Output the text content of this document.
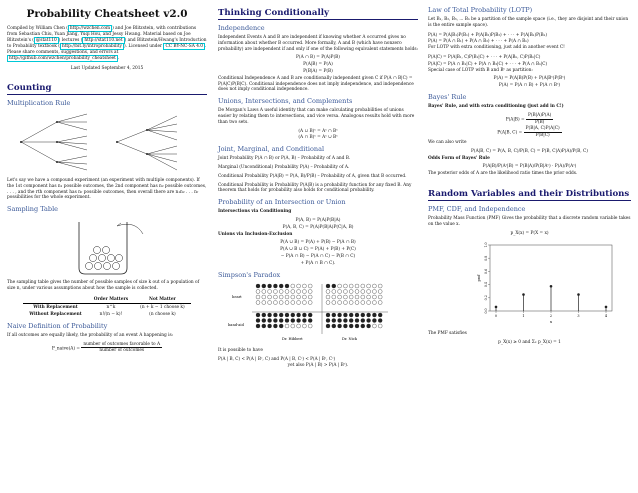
Probability Cheatsheet v2.0
Compiled by William Chen ( http://wzchen.com ) and Joe Blitzstein, with contributions from Sebastian Chiu, Yuan Jiang, Yuqi Hou, and Jessy Hwang. Material based on Joe Blitzstein's ( @stat110 ) lectures ( http://stat110.net ) and Blitzstein/Hwang's Introduction to Probability textbook ( http://bit.ly/introprobability ). Licensed under CC BY-NC-SA 4.0 . Please share comments, suggestions, and errors at http://github.com/wzchen/probability_cheatsheet .
Last Updated September 4, 2015
Counting
Multiplication Rule
Let's say we have a compound experiment (an experiment with multiple components). If the 1st component has n₁ possible outcomes, the 2nd component has n₂ possible outcomes, . . . , and the rth component has nᵣ possible outcomes, then overall there are n₁n₂ . . . nᵣ possibilities for the whole experiment.
Sampling Table
The sampling table gives the number of possible samples of size k out of a population of size n, under various assumptions about how the sample is collected.
	Order Matters	Not Matter
With Replacement	n^k	(n + k − 1 choose k)
Without Replacement	n!/(n − k)!	(n choose k)
Naive Definition of Probability
If all outcomes are equally likely, the probability of an event A happening is:
P_naive(A) = $\frac{\text{number of outcomes favorable to A}}{\text{number of outcomes}}$
Thinking Conditionally
Independence
Independent Events A and B are independent if knowing whether A occurred gives no information about whether B occurred. More formally, A and B (which have nonzero probability) are independent if and only if one of the following equivalent statements holds:
P(A ∩ B) = P(A)P(B)
P(A|B) = P(A)
P(B|A) = P(B)
Conditional Independence A and B are conditionally independent given C if P(A ∩ B|C) = P(A|C)P(B|C). Conditional independence does not imply independence, and independence does not imply conditional independence.
Unions, Intersections, and Complements
De Morgan's Laws A useful identity that can make calculating probabilities of unions easier by relating them to intersections, and vice versa. Analogous results hold with more than two sets.
(A ∪ B)ᶜ = Aᶜ ∩ Bᶜ
(A ∩ B)ᶜ = Aᶜ ∪ Bᶜ
Joint, Marginal, and Conditional
Joint Probability P(A ∩ B) or P(A, B) – Probability of A and B.
Marginal (Unconditional) Probability P(A) – Probability of A.
Conditional Probability P(A|B) = P(A, B)/P(B) – Probability of A, given that B occurred.
Conditional Probability is Probability P(A|B) is a probability function for any fixed B. Any theorem that holds for probability also holds for conditional probability.
Probability of an Intersection or Union
Intersections via Conditioning
P(A, B) = P(A)P(B|A)
P(A, B, C) = P(A)P(B|A)P(C|A, B)
Unions via Inclusion-Exclusion
P(A ∪ B) = P(A) + P(B) − P(A ∩ B)
P(A ∪ B ∪ C) = P(A) + P(B) + P(C)
− P(A ∩ B) − P(A ∩ C) − P(B ∩ C)
+ P(A ∩ B ∩ C).
Simpson's Paradox
heart
band-aid
Dr. Hibbert	Dr. Nick
It is possible to have
P(A | B, C) < P(A | Bᶜ, C) and P(A | B, Cᶜ) < P(A | Bᶜ, Cᶜ)
yet also P(A | B) > P(A | Bᶜ).
Law of Total Probability (LOTP)
Let B₁, B₂, B₃, ... Bₙ be a partition of the sample space (i.e., they are disjoint and their union is the entire sample space).
P(A) = P(A|B₁)P(B₁) + P(A|B₂)P(B₂) + · · · + P(A|Bₙ)P(Bₙ)
P(A) = P(A ∩ B₁) + P(A ∩ B₂) + · · · + P(A ∩ Bₙ)
For LOTP with extra conditioning, just add in another event C!
P(A|C) = P(A|B₁, C)P(B₁|C) + · · · + P(A|Bₙ, C)P(Bₙ|C)
P(A|C) = P(A ∩ B₁|C) + P(A ∩ B₂|C) + · · · + P(A ∩ Bₙ|C)
Special case of LOTP with B and Bᶜ as partition:
P(A) = P(A|B)P(B) + P(A|Bᶜ)P(Bᶜ)
P(A) = P(A ∩ B) + P(A ∩ Bᶜ)
Bayes' Rule
Bayes' Rule, and with extra conditioning (just add in C!)
$P(A|B) = \frac{P(B|A)P(A)}{P(B)}$
P(A|B, $C) = \frac{P(B|A, C)P(A|C)}{P(B|C)}$
We can also write
P(A|B, C) = P(A, B, C)/P(B, C) = P(B, C|A)P(A)/P(B, C)
Odds Form of Bayes' Rule
P(A|B)/P(Aᶜ|B) = P(B|A)/P(B|Aᶜ) · P(A)/P(Aᶜ)
The posterior odds of A are the likelihood ratio times the prior odds.
Random Variables and their Distributions
PMF, CDF, and Independence
Probability Mass Function (PMF) Gives the probability that a discrete random variable takes on the value x.
p_X(x) = P(X = x)
0.0
0.2
0.4
0.6
0.8
1.0
0	1	2	3	4
x
pmf
The PMF satisfies
p_X(x) ≥ 0 and Σₓ p_X(x) = 1
